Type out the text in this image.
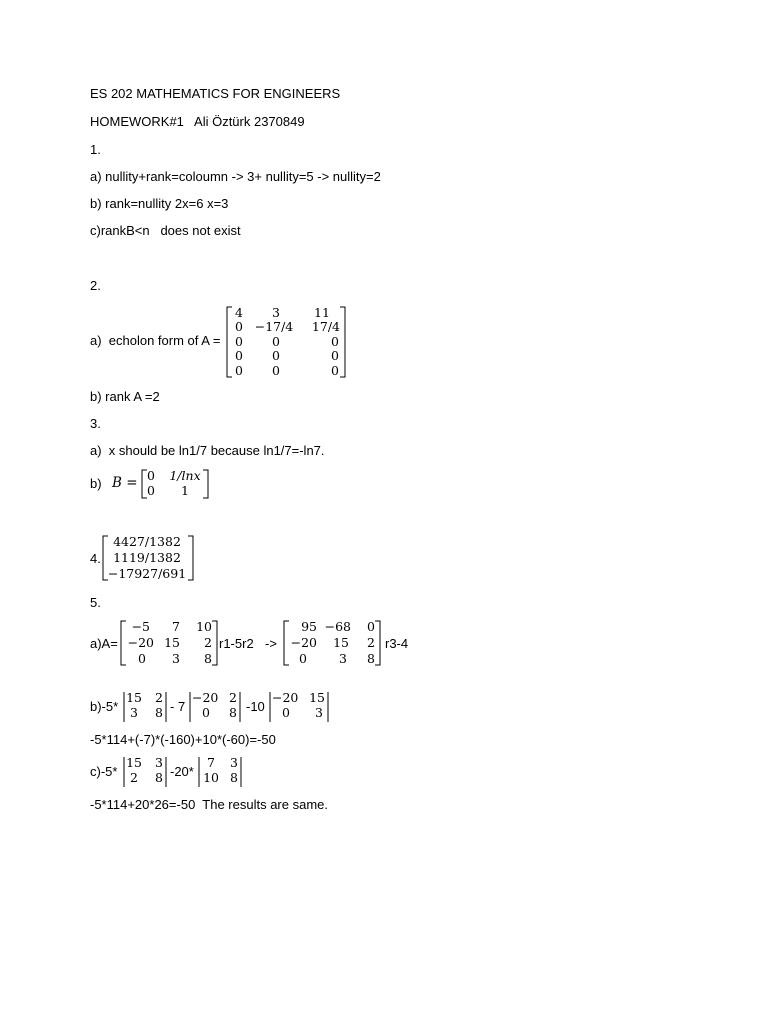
ES 202 MATHEMATICS FOR ENGINEERS
HOMEWORK#1   Ali Öztürk 2370849
1.
a) nullity+rank=coloumn -> 3+ nullity=5 -> nullity=2
b) rank=nullity 2x=6 x=3
c)rankB<n   does not exist
2.
a)  echolon form of A =
4	3	11
0 −17/4	17/4
0	0	0
0	0	0
0	0	0
b) rank A =2
3.
a)  x should be ln1/7 because ln1/7=-ln7.
b) B = 0	1/lnx
0	1
4.
4427/1382
1119/1382
−17927/691
5.
a)A=
−5	7	10
−20 15	2
0	3	8
r1-5r2 ->
95 −68	0
−20	15	2
0	3	8
r3-4
b)-5*
15	2
3	8 - 7
−20 2
0	8 -10
−20 15
0	3
-5*114+(-7)*(-160)+10*(-60)=-50
c)-5*
15	3
2	8 -20*
7	3
10 8
-5*114+20*26=-50  The results are same.
